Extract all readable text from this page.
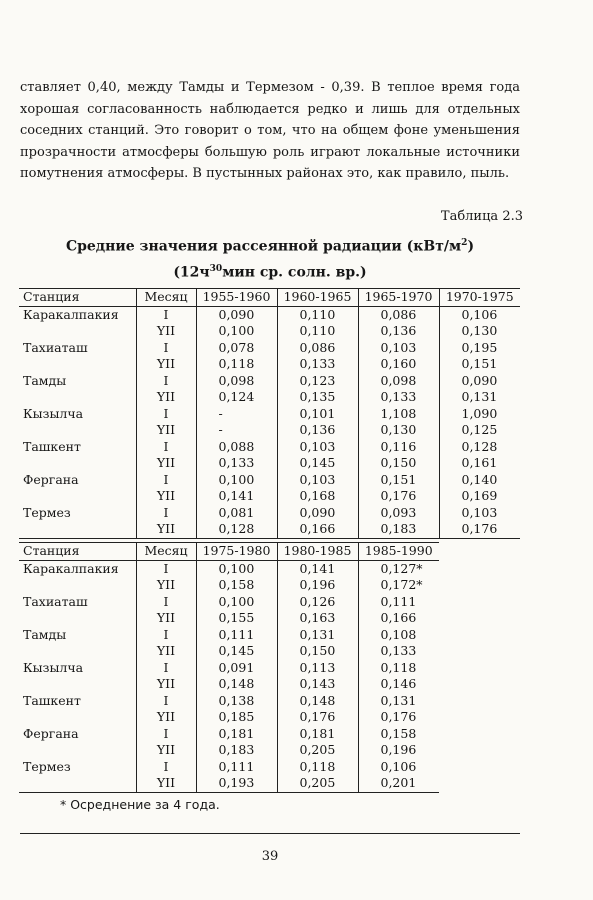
ставляет 0,40, между Тамды и Термезом - 0,39. В теплое время года
хорошая согласованность наблюдается редко и лишь для отдельных
соседних станций. Это говорит о том, что на общем фоне уменьшения
прозрачности атмосферы большую роль играют локальные источники
помутнения атмосферы. В пустынных районах это, как правило, пыль.
Таблица 2.3
Средние значения рассеянной радиации $(кВт/м^2)$
($12ч^{30}мин$ ср. солн. вр.)
Станция	Месяц	1955-1960	1960-1965	1965-1970	1970-1975
Каракалпакия	I	0,090	0,110	0,086	0,106
	YII	0,100	0,110	0,136	0,130
Тахиаташ	I	0,078	0,086	0,103	0,195
	YII	0,118	0,133	0,160	0,151
Тамды	I	0,098	0,123	0,098	0,090
	YII	0,124	0,135	0,133	0,131
Кызылча	I	-	0,101	1,108	1,090
	YII	-	0,136	0,130	0,125
Ташкент	I	0,088	0,103	0,116	0,128
	YII	0,133	0,145	0,150	0,161
Фергана	I	0,100	0,103	0,151	0,140
	YII	0,141	0,168	0,176	0,169
Термез	I	0,081	0,090	0,093	0,103
	YII	0,128	0,166	0,183	0,176
Станция	Месяц	1975-1980	1980-1985	1985-1990	
Каракалпакия	I	0,100	0,141	0,127*	
	YII	0,158	0,196	0,172*	
Тахиаташ	I	0,100	0,126	0,111	
	YII	0,155	0,163	0,166	
Тамды	I	0,111	0,131	0,108	
	YII	0,145	0,150	0,133	
Кызылча	I	0,091	0,113	0,118	
	YII	0,148	0,143	0,146	
Ташкент	I	0,138	0,148	0,131	
	YII	0,185	0,176	0,176	
Фергана	I	0,181	0,181	0,158	
	YII	0,183	0,205	0,196	
Термез	I	0,111	0,118	0,106	
	YII	0,193	0,205	0,201	
* Осреднение за 4 года.
39
